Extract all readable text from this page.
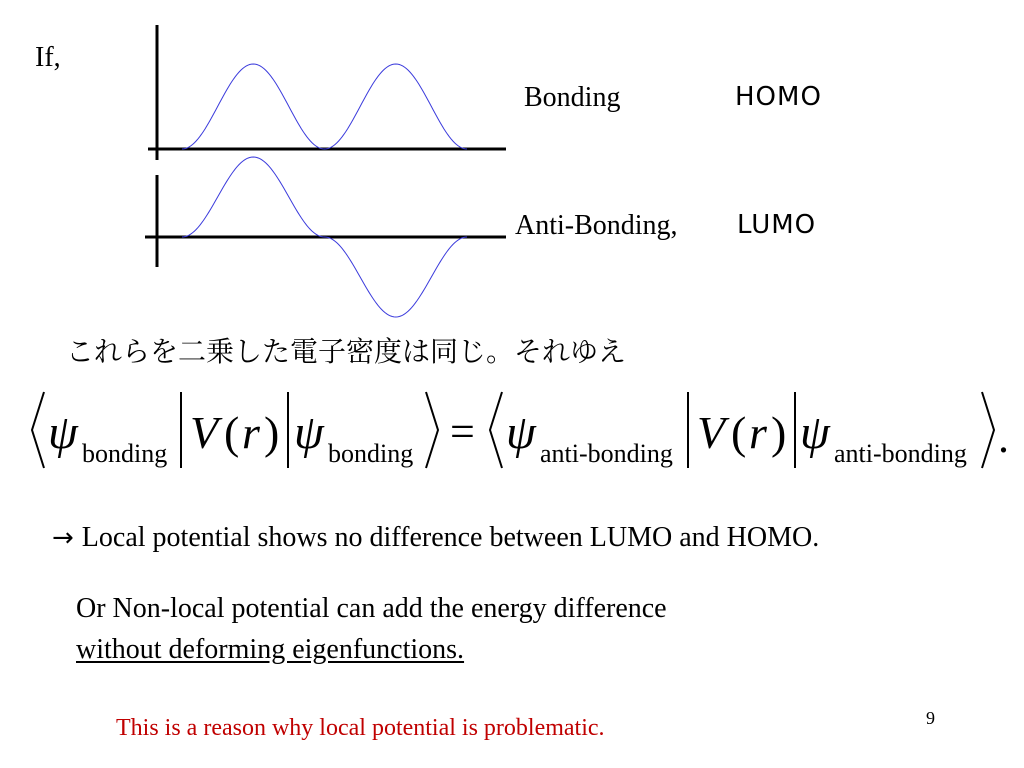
If,
Bonding	HOMO
Anti-Bonding, LUMO
これらを二乗した電子密度は同じ。それゆえ
ψ bonding V ( r ) ψ bonding = ψ anti-bonding V ( r ) ψ anti-bonding .
→ Local potential shows no difference between LUMO and HOMO.
Or Non-local potential can add the energy difference
without deforming eigenfunctions.
This is a reason why local potential is problematic.	9
